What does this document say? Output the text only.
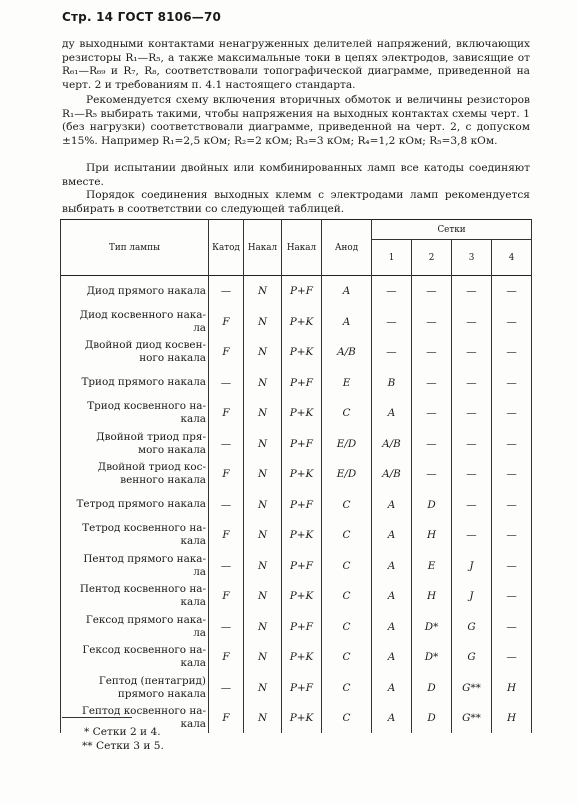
Стр. 14 ГОСТ 8106—70

ду выходными контактами ненагруженных делителей напряжений, включающих резисторы R₁—R₅, а также максимальные токи в цепях электродов, зависящие от R₆₁—R₆₉ и R₇, R₈, соответствовали топографической диаграмме, приведенной на черт. 2 и требованиям п. 4.1 настоящего стандарта.

Рекомендуется схему включения вторичных обмоток и величины резисторов R₁—R₅ выбирать такими, чтобы напряжения на выходных контактах схемы черт. 1 (без нагрузки) соответствовали диаграмме, приведенной на черт. 2, с допуском ±15%. Например R₁=2,5 кОм; R₂=2 кОм; R₃=3 кОм; R₄=1,2 кОм; R₅=3,8 кОм.

При испытании двойных или комбинированных ламп все катоды соединяют вместе.

Порядок соединения выходных клемм с электродами ламп рекомендуется выбирать в соответствии со следующей таблицей.

Тип лампы	Катод	Накал	Накал	Анод	Сетки			
					1	2	3	4

Диод прямого накала	—	N	P+F	A	—	—	—	—

Диод косвенного нака-
ла	F	N	P+K	A	—	—	—	—

Двойной диод косвен-
ного накала	F	N	P+K	A/B	—	—	—	—

Триод прямого накала	—	N	P+F	E	B	—	—	—

Триод косвенного на-
кала	F	N	P+K	C	A	—	—	—

Двойной триод пря-
мого накала	—	N	P+F	E/D	A/B	—	—	—

Двойной триод кос-
венного накала	F	N	P+K	E/D	A/B	—	—	—

Тетрод прямого накала	—	N	P+F	C	A	D	—	—

Тетрод косвенного на-
кала	F	N	P+K	C	A	H	—	—

Пентод прямого нака-
ла	—	N	P+F	C	A	E	J	—

Пентод косвенного на-
кала	F	N	P+K	C	A	H	J	—

Гексод прямого нака-
ла	—	N	P+F	C	A	D*	G	—

Гексод косвенного на-
кала	F	N	P+K	C	A	D*	G	—

Гептод (пентагрид)
прямого накала	—	N	P+F	C	A	D	G**	H

Гептод косвенного на-
кала	F	N	P+K	C	A	D	G**	H
* Сетки 2 и 4.
** Сетки 3 и 5.
